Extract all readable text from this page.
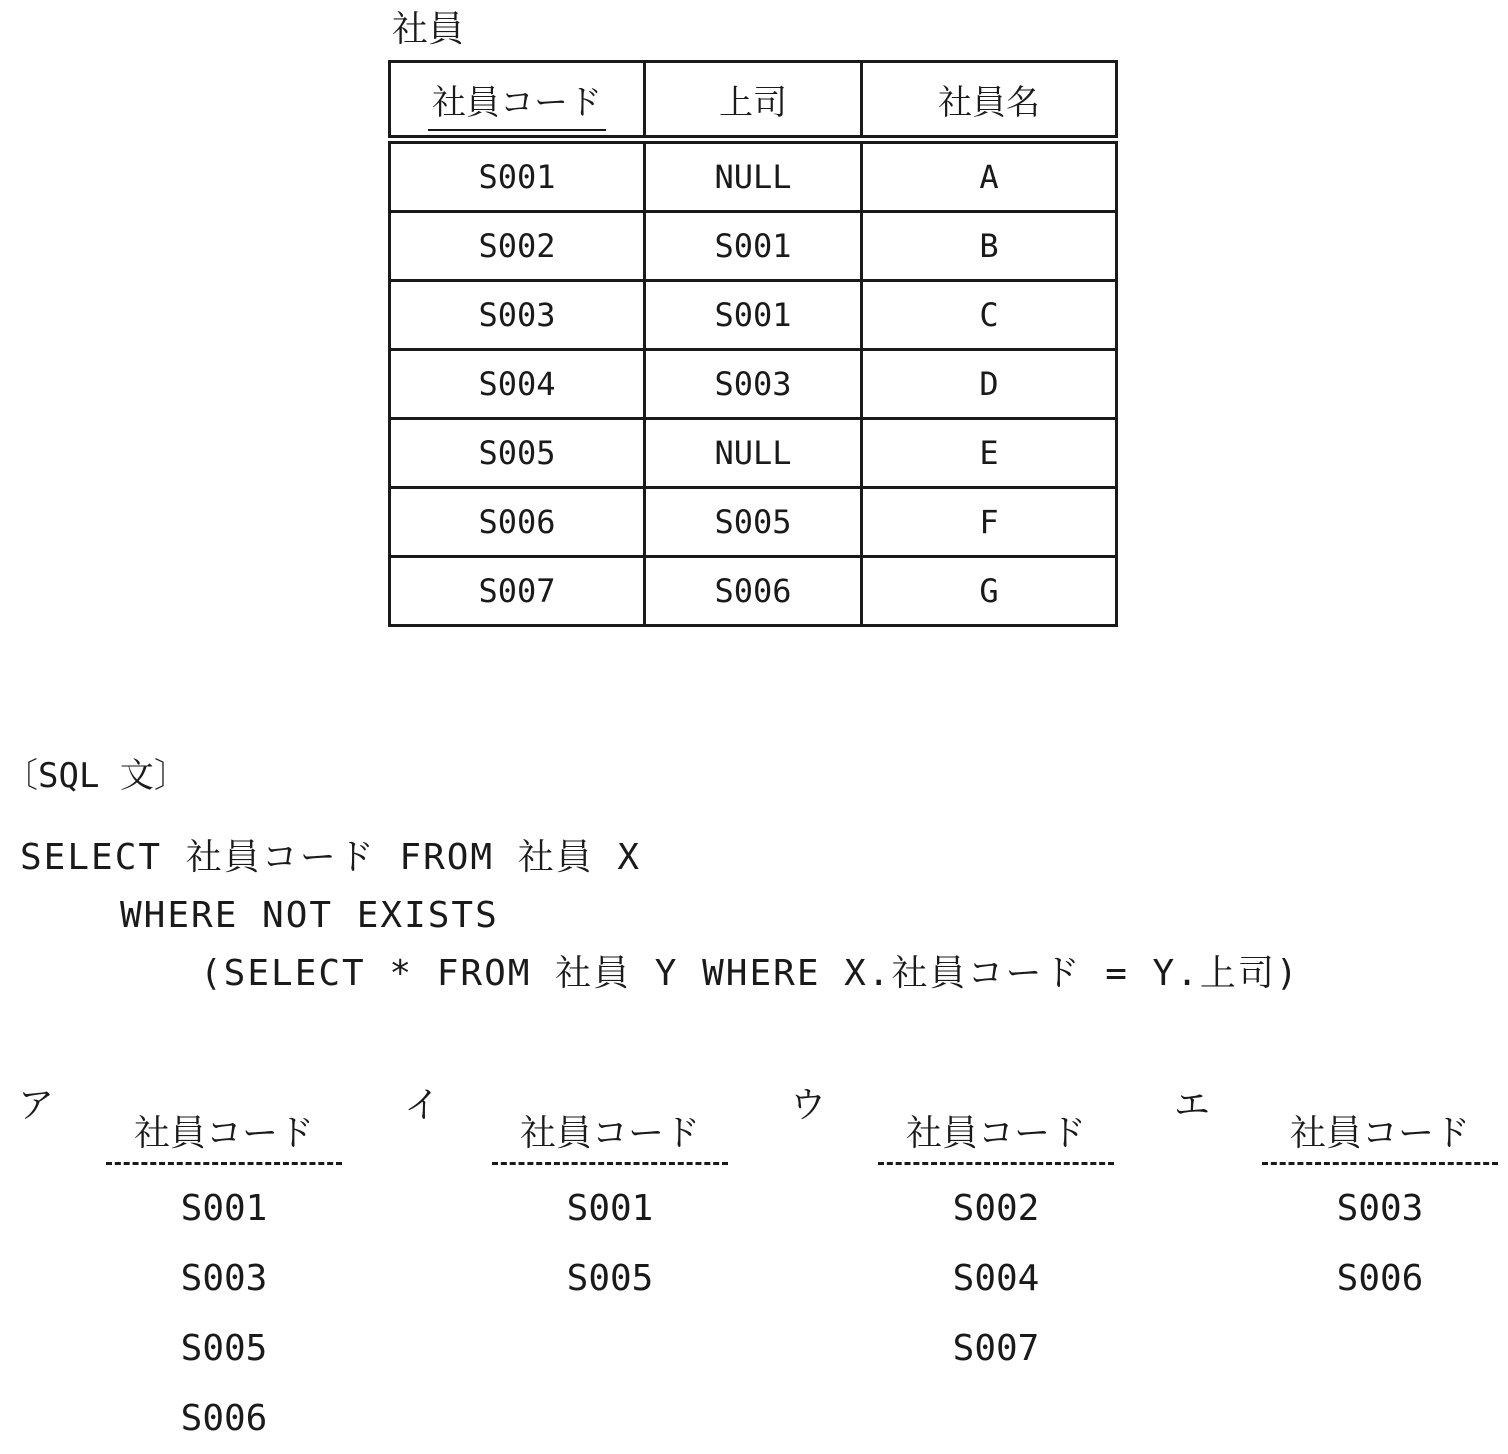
社員
社員コード	上司	社員名
S001	NULL	A
S002	S001	B
S003	S001	C
S004	S003	D
S005	NULL	E
S006	S005	F
S007	S006	G
〔SQL 文〕
SELECT 社員コード FROM 社員 X
WHERE NOT EXISTS
(SELECT * FROM 社員 Y WHERE X.社員コード = Y.上司)
ア
社員コード
S001
S003
S005
S006
イ
社員コード
S001
S005
ウ
社員コード
S002
S004
S007
エ
社員コード
S003
S006
